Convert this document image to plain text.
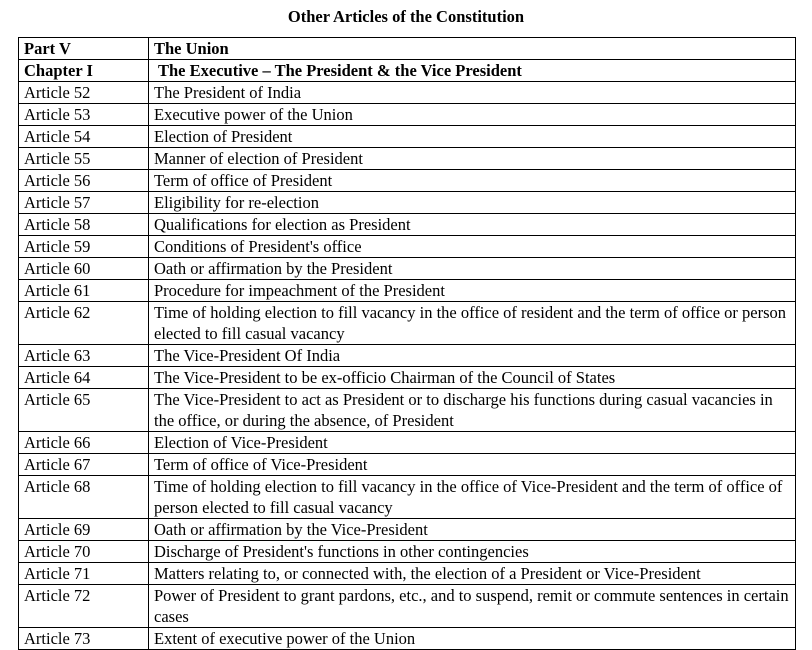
Other Articles of the Constitution
Part V	The Union
Chapter I	The Executive – The President & the Vice President
Article 52	The President of India
Article 53	Executive power of the Union
Article 54	Election of President
Article 55	Manner of election of President
Article 56	Term of office of President
Article 57	Eligibility for re-election
Article 58	Qualifications for election as President
Article 59	Conditions of President's office
Article 60	Oath or affirmation by the President
Article 61	Procedure for impeachment of the President
Article 62	Time of holding election to fill vacancy in the office of resident and the term of office or person elected to fill casual vacancy
Article 63	The Vice-President Of India
Article 64	The Vice-President to be ex-officio Chairman of the Council of States
Article 65	The Vice-President to act as President or to discharge his functions during casual vacancies in the office, or during the absence, of President
Article 66	Election of Vice-President
Article 67	Term of office of Vice-President
Article 68	Time of holding election to fill vacancy in the office of Vice-President and the term of office of person elected to fill casual vacancy
Article 69	Oath or affirmation by the Vice-President
Article 70	Discharge of President's functions in other contingencies
Article 71	Matters relating to, or connected with, the election of a President or Vice-President
Article 72	Power of President to grant pardons, etc., and to suspend, remit or commute sentences in certain cases
Article 73	Extent of executive power of the Union
